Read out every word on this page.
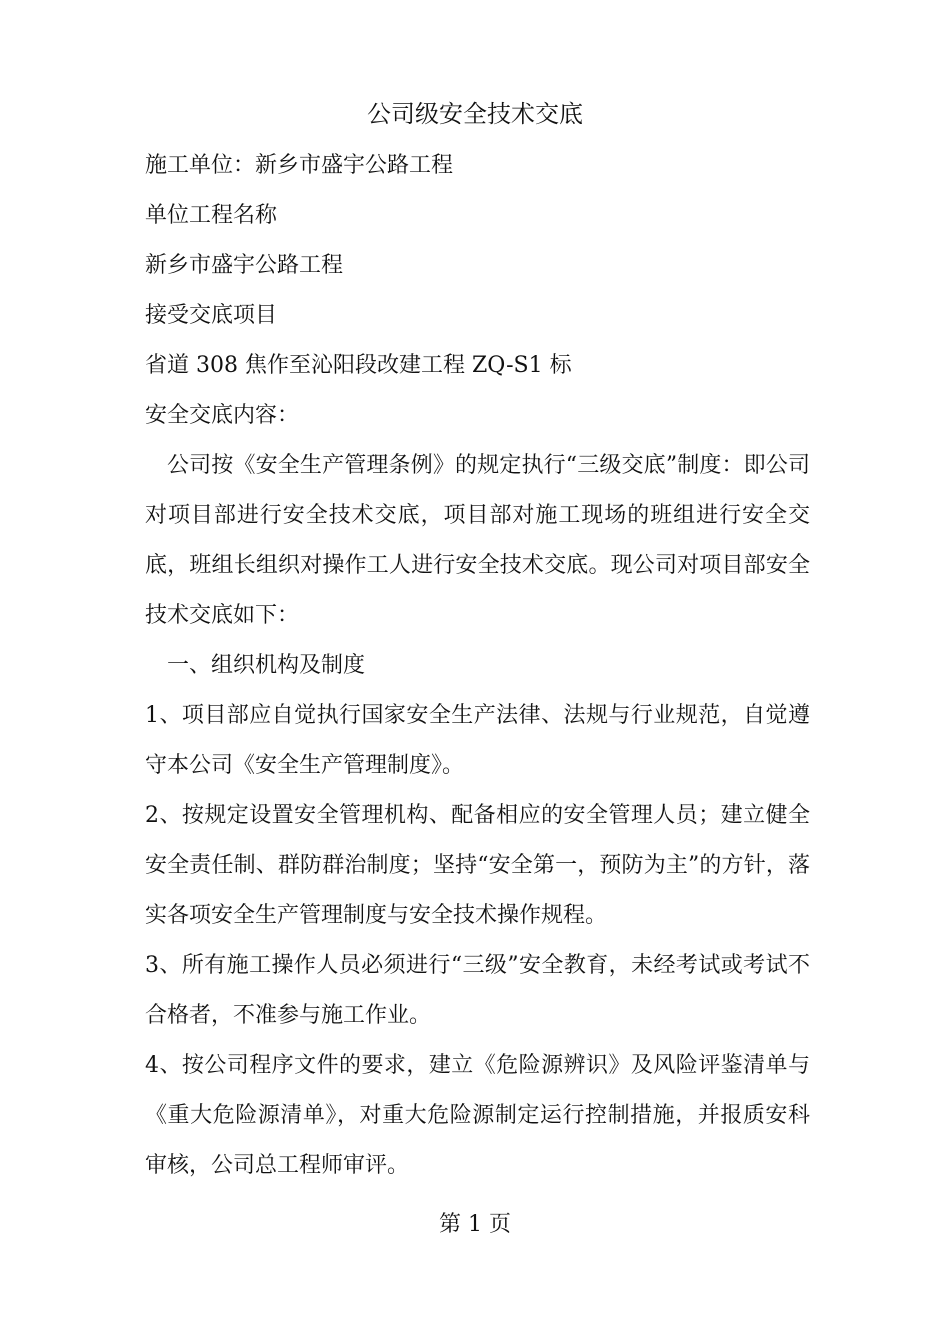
公司级安全技术交底
施工单位：新乡市盛宇公路工程
单位工程名称
新乡市盛宇公路工程
接受交底项目
省道 308 焦作至沁阳段改建工程 ZQ-S1 标
安全交底内容：
公司按《安全生产管理条例》的规定执行“三级交底”制度：即公司对项目部进行安全技术交底，项目部对施工现场的班组进行安全交底，班组长组织对操作工人进行安全技术交底。现公司对项目部安全技术交底如下：
一、组织机构及制度
1、项目部应自觉执行国家安全生产法律、法规与行业规范，自觉遵守本公司《安全生产管理制度》。
2、按规定设置安全管理机构、配备相应的安全管理人员；建立健全安全责任制、群防群治制度；坚持“安全第一，预防为主”的方针，落实各项安全生产管理制度与安全技术操作规程。
3、所有施工操作人员必须进行“三级”安全教育，未经考试或考试不合格者，不准参与施工作业。
4、按公司程序文件的要求，建立《危险源辨识》及风险评鉴清单与《重大危险源清单》，对重大危险源制定运行控制措施，并报质安科审核，公司总工程师审评。
第 1 页
